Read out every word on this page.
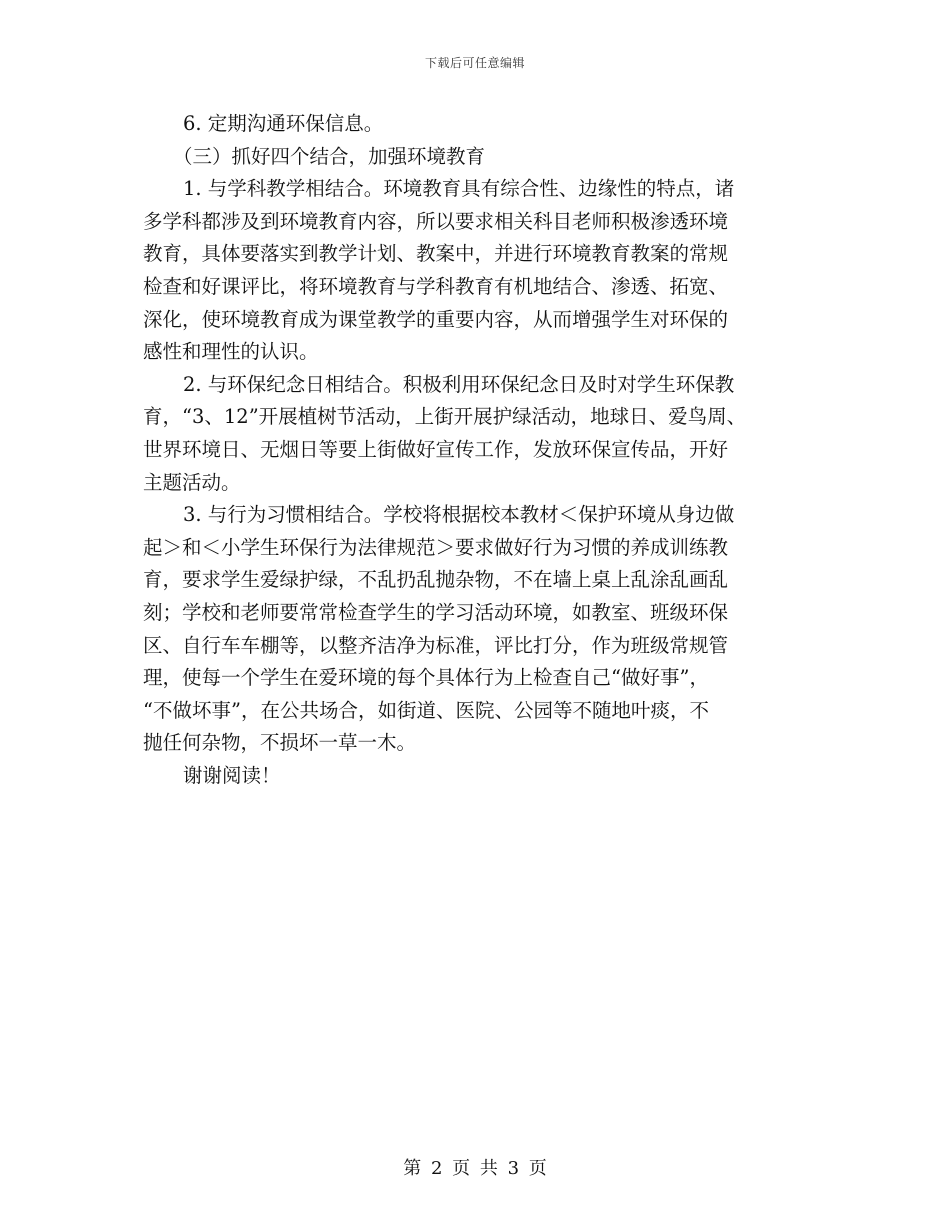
下载后可任意编辑
6. 定期沟通环保信息。
（三）抓好四个结合，加强环境教育
1. 与学科教学相结合。环境教育具有综合性、边缘性的特点，诸
多学科都涉及到环境教育内容，所以要求相关科目老师积极渗透环境
教育，具体要落实到教学计划、教案中，并进行环境教育教案的常规
检查和好课评比，将环境教育与学科教育有机地结合、渗透、拓宽、
深化，使环境教育成为课堂教学的重要内容，从而增强学生对环保的
感性和理性的认识。
2. 与环保纪念日相结合。积极利用环保纪念日及时对学生环保教
育，“3、12”开展植树节活动，上街开展护绿活动，地球日、爱鸟周、
世界环境日、无烟日等要上街做好宣传工作，发放环保宣传品，开好
主题活动。
3. 与行为习惯相结合。学校将根据校本教材＜保护环境从身边做
起＞和＜小学生环保行为法律规范＞要求做好行为习惯的养成训练教
育，要求学生爱绿护绿，不乱扔乱抛杂物，不在墙上桌上乱涂乱画乱
刻；学校和老师要常常检查学生的学习活动环境，如教室、班级环保
区、自行车车棚等，以整齐洁净为标准，评比打分，作为班级常规管
理，使每一个学生在爱环境的每个具体行为上检查自己“做好事”，
“不做坏事”，在公共场合，如街道、医院、公园等不随地叶痰，不
抛任何杂物，不损坏一草一木。
谢谢阅读！
第 2 页 共 3 页
